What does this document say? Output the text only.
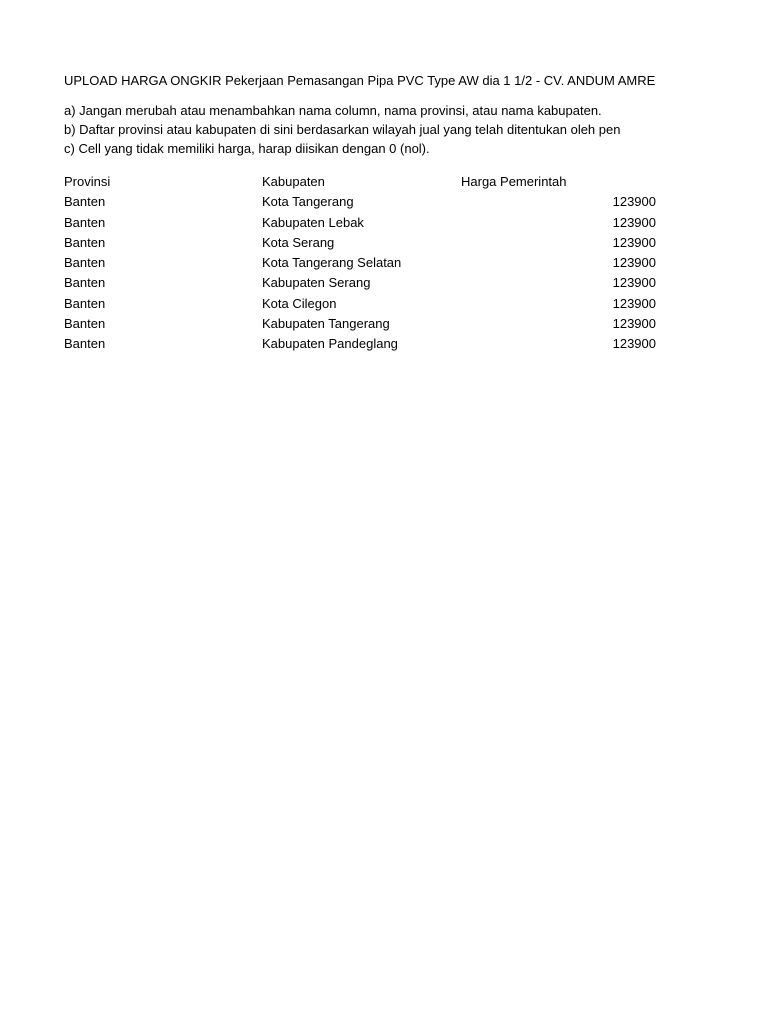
UPLOAD HARGA ONGKIR Pekerjaan Pemasangan Pipa PVC Type AW dia 1 1/2 - CV. ANDUM AMRE
a) Jangan merubah atau menambahkan nama column, nama provinsi, atau nama kabupaten.
b) Daftar provinsi atau kabupaten di sini berdasarkan wilayah jual yang telah ditentukan oleh pen
c) Cell yang tidak memiliki harga, harap diisikan dengan 0 (nol).
Provinsi	Kabupaten	Harga Pemerintah
Banten	Kota Tangerang	123900
Banten	Kabupaten Lebak	123900
Banten	Kota Serang	123900
Banten	Kota Tangerang Selatan	123900
Banten	Kabupaten Serang	123900
Banten	Kota Cilegon	123900
Banten	Kabupaten Tangerang	123900
Banten	Kabupaten Pandeglang	123900
